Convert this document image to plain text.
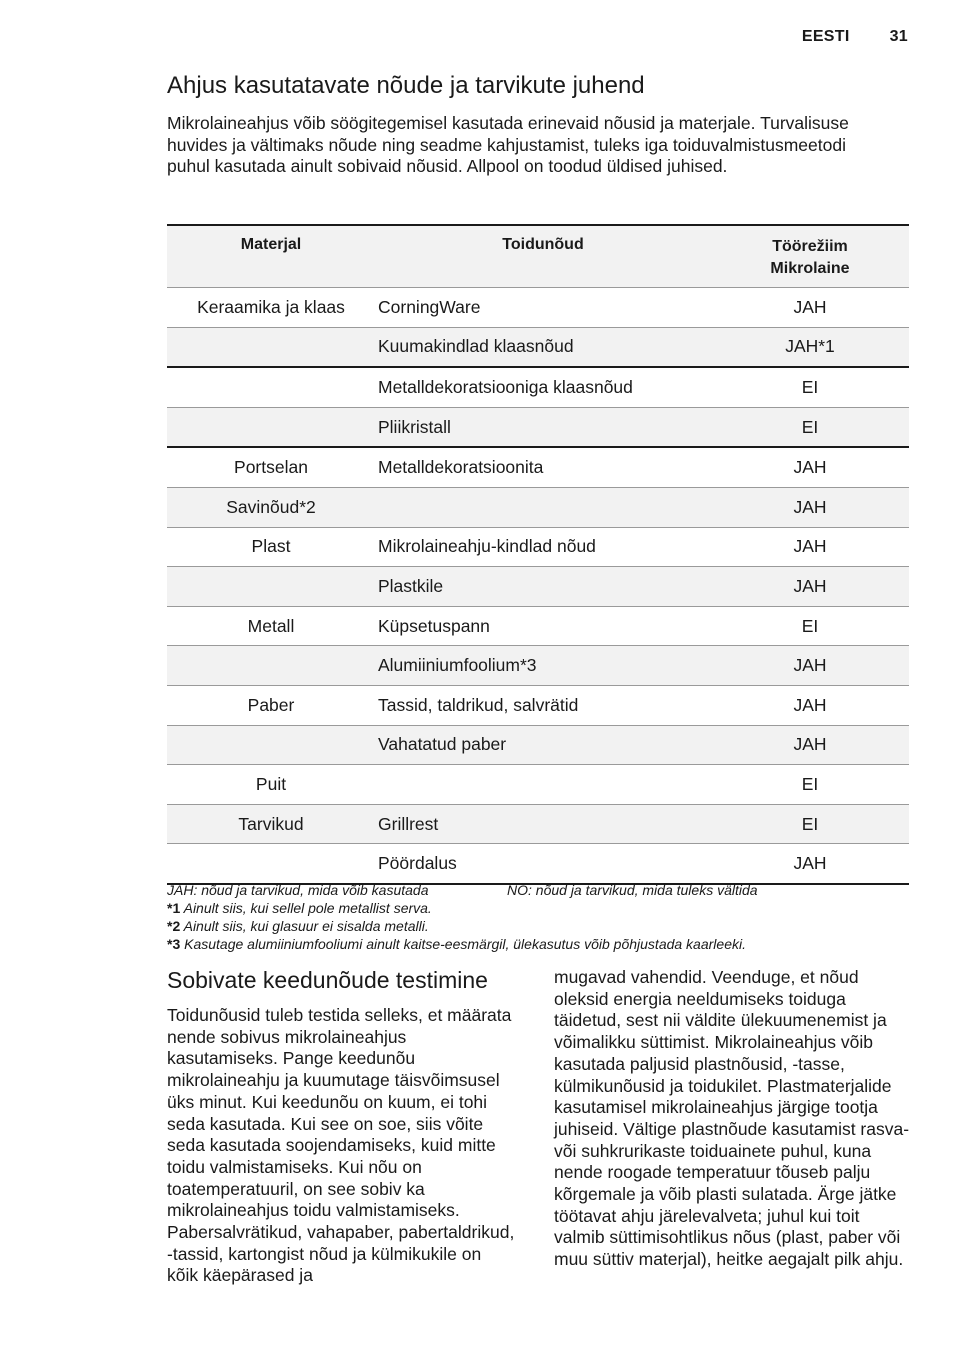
EESTI	31
Ahjus kasutatavate nõude ja tarvikute juhend

Mikrolaineahjus võib söögitegemisel kasutada erinevaid nõusid ja materjale. Turvalisuse huvides ja vältimaks nõude ning seadme kahjustamist, tuleks iga toiduvalmistusmeetodi puhul kasutada ainult sobivaid nõusid. Allpool on toodud üldised juhised.

Materjal	Toidunõud	Töörežiim
Mikrolaine
Keraamika ja klaas	CorningWare	JAH
	Kuumakindlad klaasnõud	JAH*1
	Metalldekoratsiooniga klaasnõud	EI
	Pliikristall	EI
Portselan	Metalldekoratsioonita	JAH
Savinõud*2		JAH
Plast	Mikrolaineahju-kindlad nõud	JAH
	Plastkile	JAH
Metall	Küpsetuspann	EI
	Alumiiniumfoolium*3	JAH
Paber	Tassid, taldrikud, salvrätid	JAH
	Vahatatud paber	JAH
Puit		EI
Tarvikud	Grillrest	EI
	Pöördalus	JAH
JAH: nõud ja tarvikud, mida võib kasutada	NO: nõud ja tarvikud, mida tuleks vältida
*1 Ainult siis, kui sellel pole metallist serva.
*2 Ainult siis, kui glasuur ei sisalda metalli.
*3 Kasutage alumiiniumfooliumi ainult kaitse-eesmärgil, ülekasutus võib põhjustada kaarleeki.
Sobivate keedunõude testimine
Toidunõusid tuleb testida selleks, et määrata nende sobivus mikrolaineahjus kasutamiseks. Pange keedunõu mikrolaineahju ja kuumutage täisvõimsusel üks minut. Kui keedunõu on kuum, ei tohi seda kasutada. Kui see on soe, siis võite seda kasutada soojendamiseks, kuid mitte toidu valmistamiseks. Kui nõu on toatemperatuuril, on see sobiv ka mikrolaineahjus toidu valmistamiseks. Pabersalvrätikud, vahapaber, pabertaldrikud, -tassid, kartongist nõud ja külmikukile on kõik käepärased ja
mugavad vahendid. Veenduge, et nõud oleksid energia neeldumiseks toiduga täidetud, sest nii väldite ülekuumenemist ja võimalikku süttimist. Mikrolaineahjus võib kasutada paljusid plastnõusid, -tasse, külmikunõusid ja toidukilet. Plastmaterjalide kasutamisel mikrolaineahjus järgige tootja juhiseid. Vältige plastnõude kasutamist rasva- või suhkrurikaste toiduainete puhul, kuna nende roogade temperatuur tõuseb palju kõrgemale ja võib plasti sulatada. Ärge jätke töötavat ahju järelevalveta; juhul kui toit valmib süttimisohtlikus nõus (plast, paber või muu süttiv materjal), heitke aegajalt pilk ahju.
